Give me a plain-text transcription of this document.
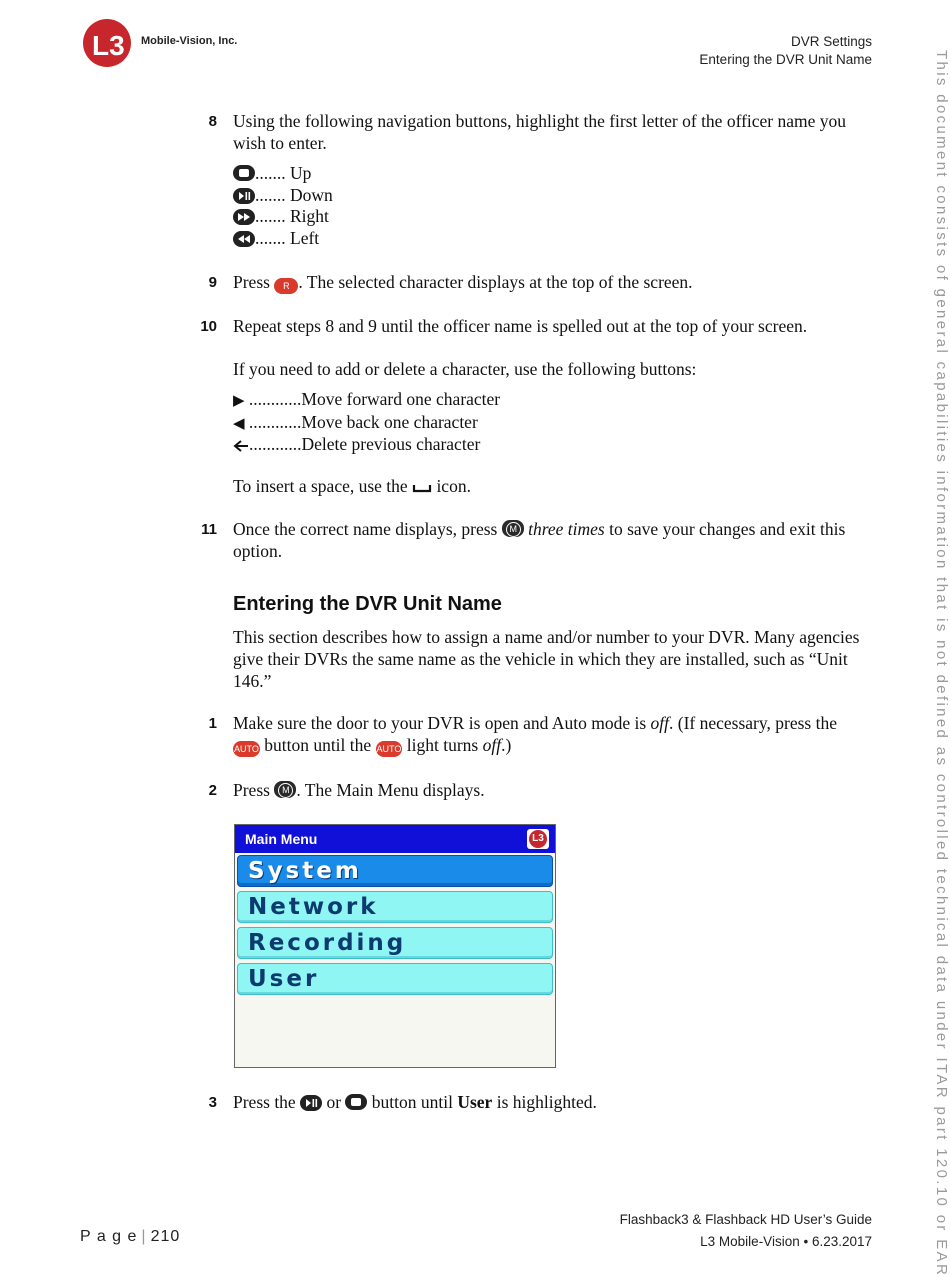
L3 Mobile-Vision, Inc.	DVR Settings
Entering the DVR Unit Name	This document consists of general capabilities information that is not defined as controlled technical data under ITAR part 120.10 or EAR
8 Using the following navigation buttons, highlight the first letter of the officer name you wish to enter.
....... Up
....... Down
....... Right
....... Left
9 Press R . The selected character displays at the top of the screen.
10 Repeat steps 8 and 9 until the officer name is spelled out at the top of your screen.
If you need to add or delete a character, use the following buttons:
▶ ............Move forward one character
◀ ............Move back one character
............Delete previous character
To insert a space, use the icon.
11 Once the correct name displays, press	M three times to save your changes and exit this option.
Entering the DVR Unit Name
This section describes how to assign a name and/or number to your DVR. Many agencies give their DVRs the same name as the vehicle in which they are installed, such as “Unit 146.”
1 Make sure the door to your DVR is open and Auto mode is off. (If necessary, press the AUTO button until the AUTO light turns off.)
2 Press	M . The Main Menu displays.
Main Menu	L3
System
Network
Recording
User
3 Press the or button until User is highlighted.
P a g e | 210
Flashback3 & Flashback HD User’s Guide
L3 Mobile-Vision • 6.23.2017
